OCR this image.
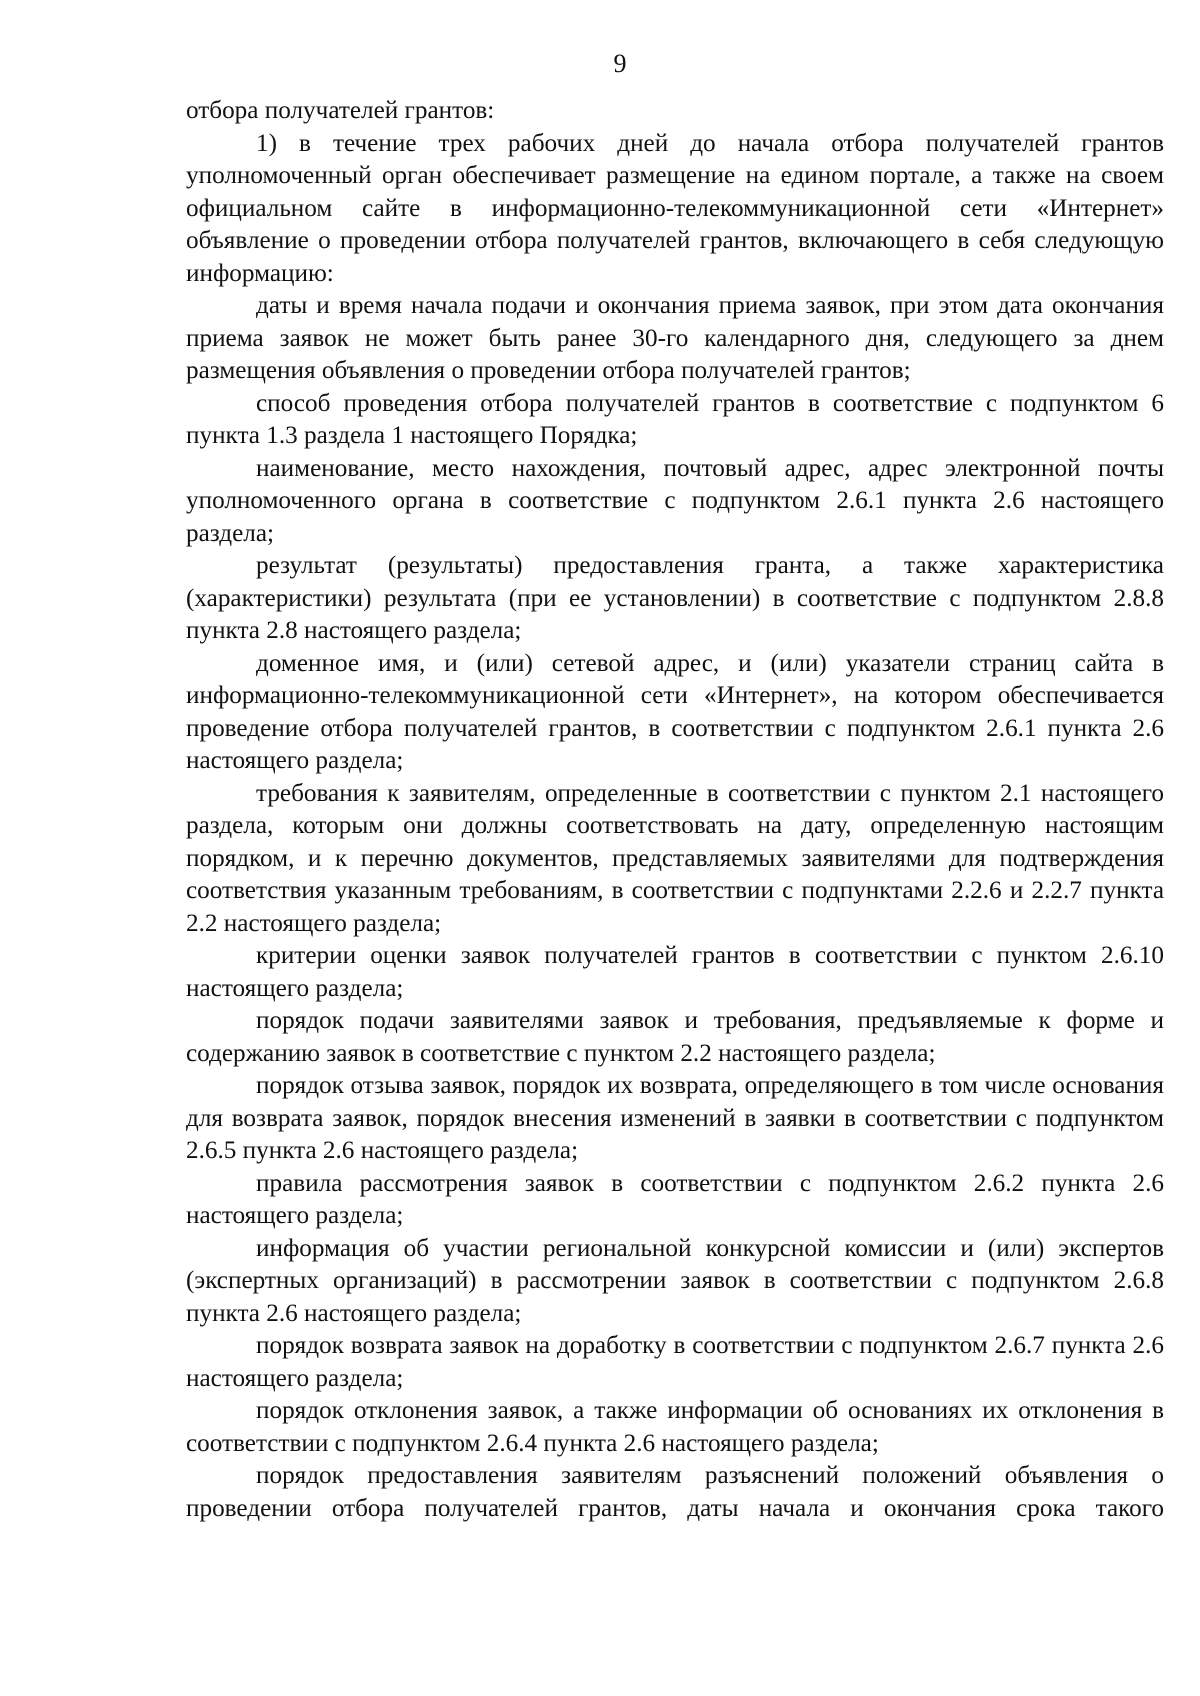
9

отбора получателей грантов:

1) в течение трех рабочих дней до начала отбора получателей грантов уполномоченный орган обеспечивает размещение на едином портале, а также на своем официальном сайте в информационно-телекоммуникационной сети «Интернет» объявление о проведении отбора получателей грантов, включающего в себя следующую информацию:

даты и время начала подачи и окончания приема заявок, при этом дата окончания приема заявок не может быть ранее 30-го календарного дня, следующего за днем размещения объявления о проведении отбора получателей грантов;

способ проведения отбора получателей грантов в соответствие с подпунктом 6 пункта 1.3 раздела 1 настоящего Порядка;

наименование, место нахождения, почтовый адрес, адрес электронной почты уполномоченного органа в соответствие с подпунктом 2.6.1 пункта 2.6 настоящего раздела;

результат (результаты) предоставления гранта, а также характеристика (характеристики) результата (при ее установлении) в соответствие с подпунктом 2.8.8 пункта 2.8 настоящего раздела;

доменное имя, и (или) сетевой адрес, и (или) указатели страниц сайта в информационно-телекоммуникационной сети «Интернет», на котором обеспечивается проведение отбора получателей грантов, в соответствии с подпунктом 2.6.1 пункта 2.6 настоящего раздела;

требования к заявителям, определенные в соответствии с пунктом 2.1 настоящего раздела, которым они должны соответствовать на дату, определенную настоящим порядком, и к перечню документов, представляемых заявителями для подтверждения соответствия указанным требованиям, в соответствии с подпунктами 2.2.6 и 2.2.7 пункта 2.2 настоящего раздела;

критерии оценки заявок получателей грантов в соответствии с пунктом 2.6.10 настоящего раздела;

порядок подачи заявителями заявок и требования, предъявляемые к форме и содержанию заявок в соответствие с пунктом 2.2 настоящего раздела;

порядок отзыва заявок, порядок их возврата, определяющего в том числе основания для возврата заявок, порядок внесения изменений в заявки в соответствии с подпунктом 2.6.5 пункта 2.6 настоящего раздела;

правила рассмотрения заявок в соответствии с подпунктом 2.6.2 пункта 2.6 настоящего раздела;

информация об участии региональной конкурсной комиссии и (или) экспертов (экспертных организаций) в рассмотрении заявок в соответствии с подпунктом 2.6.8 пункта 2.6 настоящего раздела;

порядок возврата заявок на доработку в соответствии с подпунктом 2.6.7 пункта 2.6 настоящего раздела;

порядок отклонения заявок, а также информации об основаниях их отклонения в соответствии с подпунктом 2.6.4 пункта 2.6 настоящего раздела;

порядок предоставления заявителям разъяснений положений объявления о проведении отбора получателей грантов, даты начала и окончания срока такого
